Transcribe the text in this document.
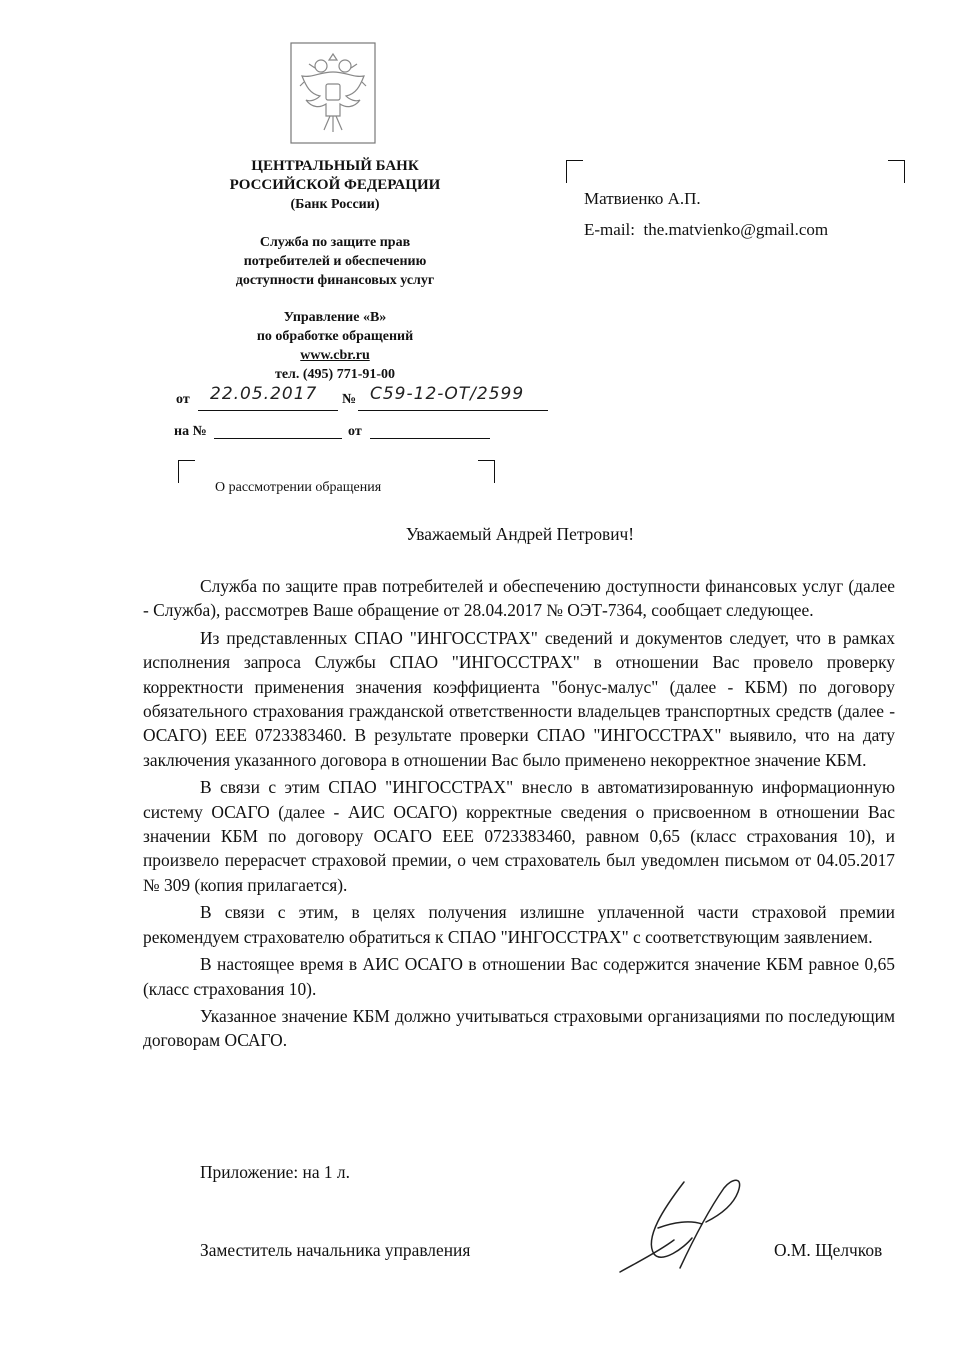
ЦЕНТРАЛЬНЫЙ БАНК
РОССИЙСКОЙ ФЕДЕРАЦИИ
(Банк России)
Служба по защите прав
потребителей и обеспечению
доступности финансовых услуг
Управление «В»
по обработке обращений
www.cbr.ru
тел. (495) 771-91-00
от 22.05.2017 № С59-12-ОТ/2599
на №	от
О рассмотрении обращения
Матвиенко А.П.
E-mail: the.matvienko@gmail.com
Уважаемый Андрей Петрович!

Служба по защите прав потребителей и обеспечению доступности финансовых услуг (далее - Служба), рассмотрев Ваше обращение от 28.04.2017 № ОЭТ-7364, сообщает следующее.

Из представленных СПАО "ИНГОССТРАХ" сведений и документов следует, что в рамках исполнения запроса Службы СПАО "ИНГОССТРАХ" в отношении Вас провело проверку корректности применения значения коэффициента "бонус-малус" (далее - КБМ) по договору обязательного страхования гражданской ответственности владельцев транспортных средств (далее - ОСАГО) ЕЕЕ 0723383460. В результате проверки СПАО "ИНГОССТРАХ" выявило, что на дату заключения указанного договора в отношении Вас было применено некорректное значение КБМ.

В связи с этим СПАО "ИНГОССТРАХ" внесло в автоматизированную информационную систему ОСАГО (далее - АИС ОСАГО) корректные сведения о присвоенном в отношении Вас значении КБМ по договору ОСАГО ЕЕЕ 0723383460, равном 0,65 (класс страхования 10), и произвело перерасчет страховой премии, о чем страхователь был уведомлен письмом от 04.05.2017 № 309 (копия прилагается).

В связи с этим, в целях получения излишне уплаченной части страховой премии рекомендуем страхователю обратиться к СПАО "ИНГОССТРАХ" с соответствующим заявлением.

В настоящее время в АИС ОСАГО в отношении Вас содержится значение КБМ равное 0,65 (класс страхования 10).

Указанное значение КБМ должно учитываться страховыми организациями по последующим договорам ОСАГО.

Приложение: на 1 л.
Заместитель начальника управления	О.М. Щелчков
